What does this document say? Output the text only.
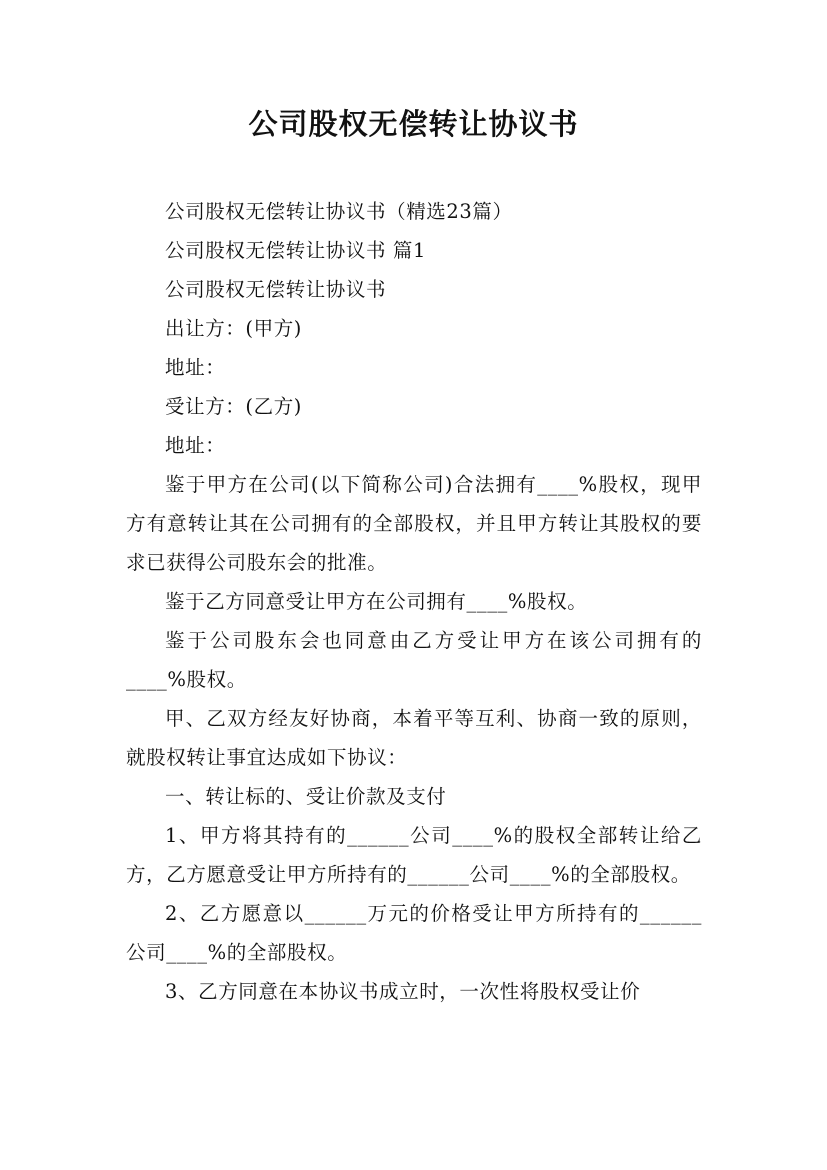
公司股权无偿转让协议书

公司股权无偿转让协议书（精选23篇）

公司股权无偿转让协议书 篇1

公司股权无偿转让协议书

出让方：(甲方)

地址：

受让方：(乙方)

地址：

鉴于甲方在公司(以下简称公司)合法拥有____%股权，现甲方有意转让其在公司拥有的全部股权，并且甲方转让其股权的要求已获得公司股东会的批准。

鉴于乙方同意受让甲方在公司拥有____%股权。

鉴于公司股东会也同意由乙方受让甲方在该公司拥有的____%股权。

甲、乙双方经友好协商，本着平等互利、协商一致的原则，就股权转让事宜达成如下协议：

一、转让标的、受让价款及支付

1、甲方将其持有的______公司____%的股权全部转让给乙方，乙方愿意受让甲方所持有的______公司____%的全部股权。

2、乙方愿意以______万元的价格受让甲方所持有的______公司____%的全部股权。

3、乙方同意在本协议书成立时，一次性将股权受让价
